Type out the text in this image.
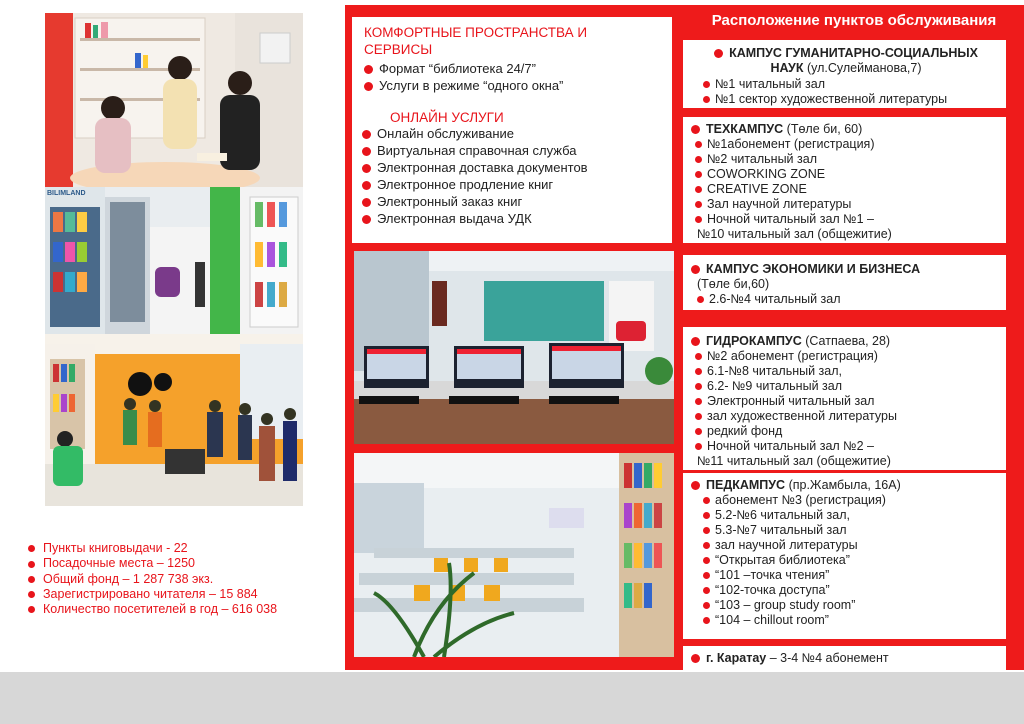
BILIMLAND
Пункты книговыдачи - 22
Посадочные места – 1250
Общий фонд – 1 287 738 экз.
Зарегистрировано читателя – 15 884
Количество посетителей в год – 616 038
КОМФОРТНЫЕ ПРОСТРАНСТВА И СЕРВИСЫ
Формат “библиотека 24/7”
Услуги в режиме “одного окна”
ОНЛАЙН УСЛУГИ
Онлайн обслуживание
Виртуальная справочная служба
Электронная доставка документов
Электронное продление книг
Электронный заказ книг
Электронная выдача УДК
Расположение пунктов обслуживания
КАМПУС ГУМАНИТАРНО-СОЦИАЛЬНЫХ
НАУК (ул.Сулейманова,7)
№1 читальный зал
№1 сектор художественной литературы
ТЕХКАМПУС (Төле би, 60)
№1абонемент (регистрация)
№2 читальный зал
COWORKING ZONE
CREATIVE ZONE
Зал научной литературы
Ночной читальный зал №1 –
№10 читальный зал (общежитие)
КАМПУС ЭКОНОМИКИ И БИЗНЕСА
(Төле би,60)
2.6-№4 читальный зал
ГИДРОКАМПУС (Сатпаева, 28)
№2 абонемент (регистрация)
6.1-№8 читальный зал,
6.2- №9 читальный зал
Электронный читальный зал
зал художественной литературы
редкий фонд
Ночной читальный зал №2 –
№11 читальный зал (общежитие)
ПЕДКАМПУС (пр.Жамбыла, 16А)
абонемент №3 (регистрация)
5.2-№6 читальный зал,
5.3-№7 читальный зал
зал научной литературы
“Открытая библиотека”
“101 –точка чтения”
“102-точка доступа”
“103 – group study room”
“104 – chillout room”
г. Каратау – 3-4 №4 абонемент
